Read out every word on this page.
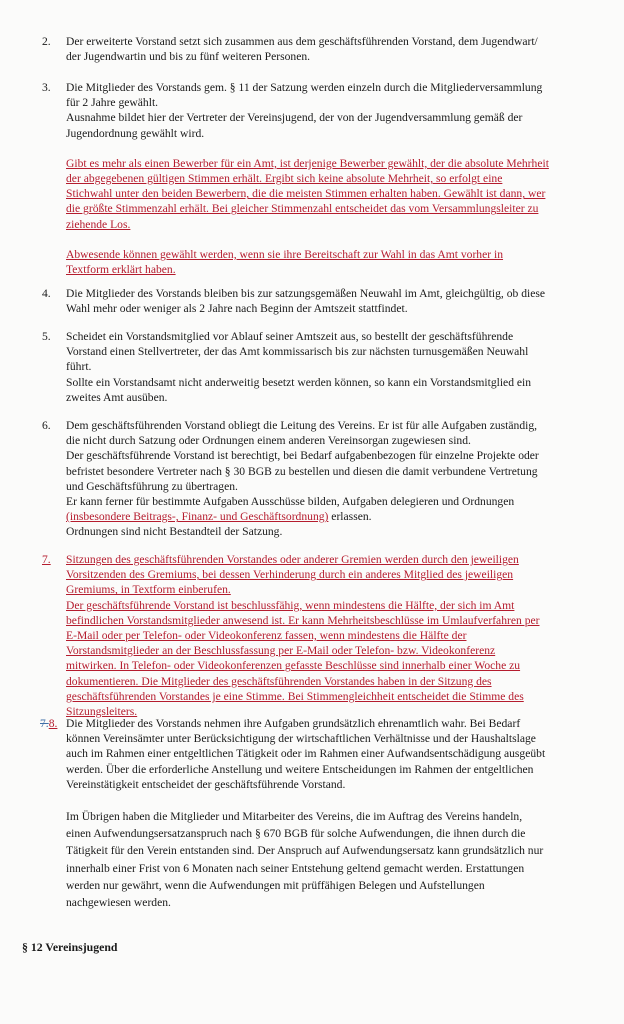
2. Der erweiterte Vorstand setzt sich zusammen aus dem geschäftsführenden Vorstand, dem Jugendwart/
der Jugendwartin und bis zu fünf weiteren Personen.

3. Die Mitglieder des Vorstands gem. § 11 der Satzung werden einzeln durch die Mitgliederversammlung
für 2 Jahre gewählt.
Ausnahme bildet hier der Vertreter der Vereinsjugend, der von der Jugendversammlung gemäß der
Jugendordnung gewählt wird.

Gibt es mehr als einen Bewerber für ein Amt, ist derjenige Bewerber gewählt, der die absolute Mehrheit
der abgegebenen gültigen Stimmen erhält. Ergibt sich keine absolute Mehrheit, so erfolgt eine
Stichwahl unter den beiden Bewerbern, die die meisten Stimmen erhalten haben. Gewählt ist dann, wer
die größte Stimmenzahl erhält. Bei gleicher Stimmenzahl entscheidet das vom Versammlungsleiter zu
ziehende Los.

Abwesende können gewählt werden, wenn sie ihre Bereitschaft zur Wahl in das Amt vorher in
Textform erklärt haben.

4. Die Mitglieder des Vorstands bleiben bis zur satzungsgemäßen Neuwahl im Amt, gleichgültig, ob diese
Wahl mehr oder weniger als 2 Jahre nach Beginn der Amtszeit stattfindet.

5. Scheidet ein Vorstandsmitglied vor Ablauf seiner Amtszeit aus, so bestellt der geschäftsführende
Vorstand einen Stellvertreter, der das Amt kommissarisch bis zur nächsten turnusgemäßen Neuwahl
führt.
Sollte ein Vorstandsamt nicht anderweitig besetzt werden können, so kann ein Vorstandsmitglied ein
zweites Amt ausüben.

6. Dem geschäftsführenden Vorstand obliegt die Leitung des Vereins. Er ist für alle Aufgaben zuständig,
die nicht durch Satzung oder Ordnungen einem anderen Vereinsorgan zugewiesen sind.
Der geschäftsführende Vorstand ist berechtigt, bei Bedarf aufgabenbezogen für einzelne Projekte oder
befristet besondere Vertreter nach § 30 BGB zu bestellen und diesen die damit verbundene Vertretung
und Geschäftsführung zu übertragen.
Er kann ferner für bestimmte Aufgaben Ausschüsse bilden, Aufgaben delegieren und Ordnungen

(insbesondere Beitrags-, Finanz- und Geschäftsordnung) erlassen.

Ordnungen sind nicht Bestandteil der Satzung.

7. Sitzungen des geschäftsführenden Vorstandes oder anderer Gremien werden durch den jeweiligen
Vorsitzenden des Gremiums, bei dessen Verhinderung durch ein anderes Mitglied des jeweiligen
Gremiums, in Textform einberufen.
Der geschäftsführende Vorstand ist beschlussfähig, wenn mindestens die Hälfte, der sich im Amt
befindlichen Vorstandsmitglieder anwesend ist. Er kann Mehrheitsbeschlüsse im Umlaufverfahren per
E-Mail oder per Telefon- oder Videokonferenz fassen, wenn mindestens die Hälfte der
Vorstandsmitglieder an der Beschlussfassung per E-Mail oder Telefon- bzw. Videokonferenz
mitwirken. In Telefon- oder Videokonferenzen gefasste Beschlüsse sind innerhalb einer Woche zu
dokumentieren. Die Mitglieder des geschäftsführenden Vorstandes haben in der Sitzung des
geschäftsführenden Vorstandes je eine Stimme. Bei Stimmengleichheit entscheidet die Stimme des
Sitzungsleiters.

7.8. Die Mitglieder des Vorstands nehmen ihre Aufgaben grundsätzlich ehrenamtlich wahr. Bei Bedarf
können Vereinsämter unter Berücksichtigung der wirtschaftlichen Verhältnisse und der Haushaltslage
auch im Rahmen einer entgeltlichen Tätigkeit oder im Rahmen einer Aufwandsentschädigung ausgeübt
werden. Über die erforderliche Anstellung und weitere Entscheidungen im Rahmen der entgeltlichen
Vereinstätigkeit entscheidet der geschäftsführende Vorstand.

Im Übrigen haben die Mitglieder und Mitarbeiter des Vereins, die im Auftrag des Vereins handeln,
einen Aufwendungsersatzanspruch nach § 670 BGB für solche Aufwendungen, die ihnen durch die
Tätigkeit für den Verein entstanden sind. Der Anspruch auf Aufwendungsersatz kann grundsätzlich nur
innerhalb einer Frist von 6 Monaten nach seiner Entstehung geltend gemacht werden. Erstattungen
werden nur gewährt, wenn die Aufwendungen mit prüffähigen Belegen und Aufstellungen
nachgewiesen werden.

§ 12 Vereinsjugend
